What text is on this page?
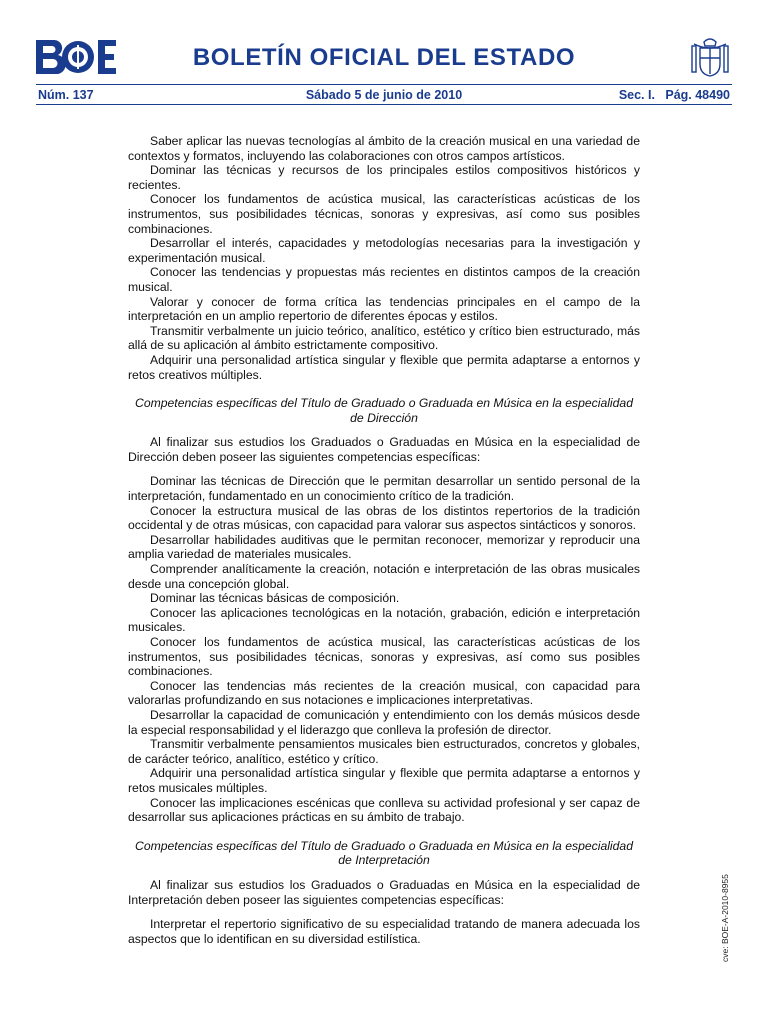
BOLETÍN OFICIAL DEL ESTADO
Núm. 137	Sábado 5 de junio de 2010	Sec. I.   Pág. 48490

Saber aplicar las nuevas tecnologías al ámbito de la creación musical en una variedad de contextos y formatos, incluyendo las colaboraciones con otros campos artísticos.

Dominar las técnicas y recursos de los principales estilos compositivos históricos y recientes.

Conocer los fundamentos de acústica musical, las características acústicas de los instrumentos, sus posibilidades técnicas, sonoras y expresivas, así como sus posibles combinaciones.

Desarrollar el interés, capacidades y metodologías necesarias para la investigación y experimentación musical.

Conocer las tendencias y propuestas más recientes en distintos campos de la creación musical.

Valorar y conocer de forma crítica las tendencias principales en el campo de la interpretación en un amplio repertorio de diferentes épocas y estilos.

Transmitir verbalmente un juicio teórico, analítico, estético y crítico bien estructurado, más allá de su aplicación al ámbito estrictamente compositivo.

Adquirir una personalidad artística singular y flexible que permita adaptarse a entornos y retos creativos múltiples.

Competencias específicas del Título de Graduado o Graduada en Música en la especialidad de Dirección

Al finalizar sus estudios los Graduados o Graduadas en Música en la especialidad de Dirección deben poseer las siguientes competencias específicas:

Dominar las técnicas de Dirección que le permitan desarrollar un sentido personal de la interpretación, fundamentado en un conocimiento crítico de la tradición.

Conocer la estructura musical de las obras de los distintos repertorios de la tradición occidental y de otras músicas, con capacidad para valorar sus aspectos sintácticos y sonoros.

Desarrollar habilidades auditivas que le permitan reconocer, memorizar y reproducir una amplia variedad de materiales musicales.

Comprender analíticamente la creación, notación e interpretación de las obras musicales desde una concepción global.

Dominar las técnicas básicas de composición.

Conocer las aplicaciones tecnológicas en la notación, grabación, edición e interpretación musicales.

Conocer los fundamentos de acústica musical, las características acústicas de los instrumentos, sus posibilidades técnicas, sonoras y expresivas, así como sus posibles combinaciones.

Conocer las tendencias más recientes de la creación musical, con capacidad para valorarlas profundizando en sus notaciones e implicaciones interpretativas.

Desarrollar la capacidad de comunicación y entendimiento con los demás músicos desde la especial responsabilidad y el liderazgo que conlleva la profesión de director.

Transmitir verbalmente pensamientos musicales bien estructurados, concretos y globales, de carácter teórico, analítico, estético y crítico.

Adquirir una personalidad artística singular y flexible que permita adaptarse a entornos y retos musicales múltiples.

Conocer las implicaciones escénicas que conlleva su actividad profesional y ser capaz de desarrollar sus aplicaciones prácticas en su ámbito de trabajo.

Competencias específicas del Título de Graduado o Graduada en Música en la especialidad de Interpretación

Al finalizar sus estudios los Graduados o Graduadas en Música en la especialidad de Interpretación deben poseer las siguientes competencias específicas:

Interpretar el repertorio significativo de su especialidad tratando de manera adecuada los aspectos que lo identifican en su diversidad estilística.	cve: BOE-A-2010-8955
